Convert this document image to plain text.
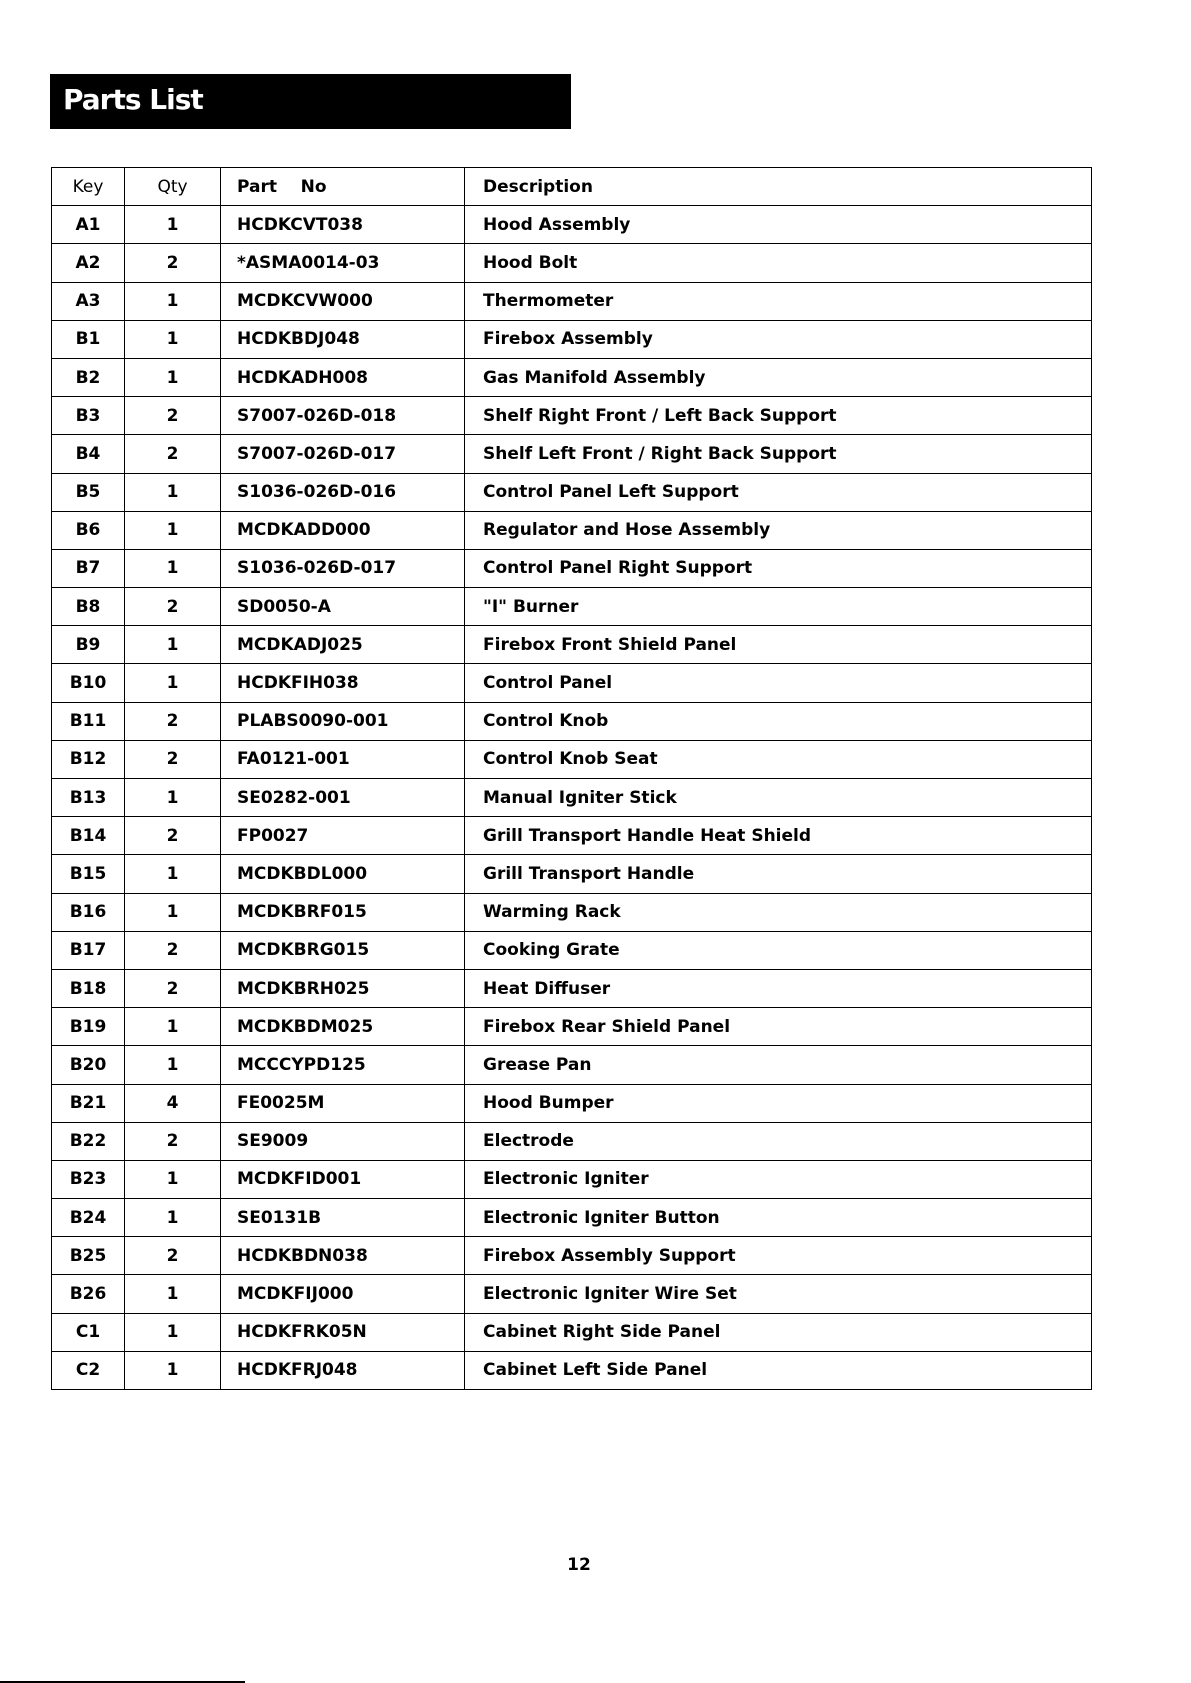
Parts List
Key	Qty	Part    No	Description
A1	1	HCDKCVT038	Hood Assembly
A2	2	*ASMA0014-03	Hood Bolt
A3	1	MCDKCVW000	Thermometer
B1	1	HCDKBDJ048	Firebox Assembly
B2	1	HCDKADH008	Gas Manifold Assembly
B3	2	S7007-026D-018	Shelf Right Front / Left Back Support
B4	2	S7007-026D-017	Shelf Left Front / Right Back Support
B5	1	S1036-026D-016	Control Panel Left Support
B6	1	MCDKADD000	Regulator and Hose Assembly
B7	1	S1036-026D-017	Control Panel Right Support
B8	2	SD0050-A	"I" Burner
B9	1	MCDKADJ025	Firebox Front Shield Panel
B10	1	HCDKFIH038	Control Panel
B11	2	PLABS0090-001	Control Knob
B12	2	FA0121-001	Control Knob Seat
B13	1	SE0282-001	Manual Igniter Stick
B14	2	FP0027	Grill Transport Handle Heat Shield
B15	1	MCDKBDL000	Grill Transport Handle
B16	1	MCDKBRF015	Warming Rack
B17	2	MCDKBRG015	Cooking Grate
B18	2	MCDKBRH025	Heat Diffuser
B19	1	MCDKBDM025	Firebox Rear Shield Panel
B20	1	MCCCYPD125	Grease Pan
B21	4	FE0025M	Hood Bumper
B22	2	SE9009	Electrode
B23	1	MCDKFID001	Electronic Igniter
B24	1	SE0131B	Electronic Igniter Button
B25	2	HCDKBDN038	Firebox Assembly Support
B26	1	MCDKFIJ000	Electronic Igniter Wire Set
C1	1	HCDKFRK05N	Cabinet Right Side Panel
C2	1	HCDKFRJ048	Cabinet Left Side Panel
12
